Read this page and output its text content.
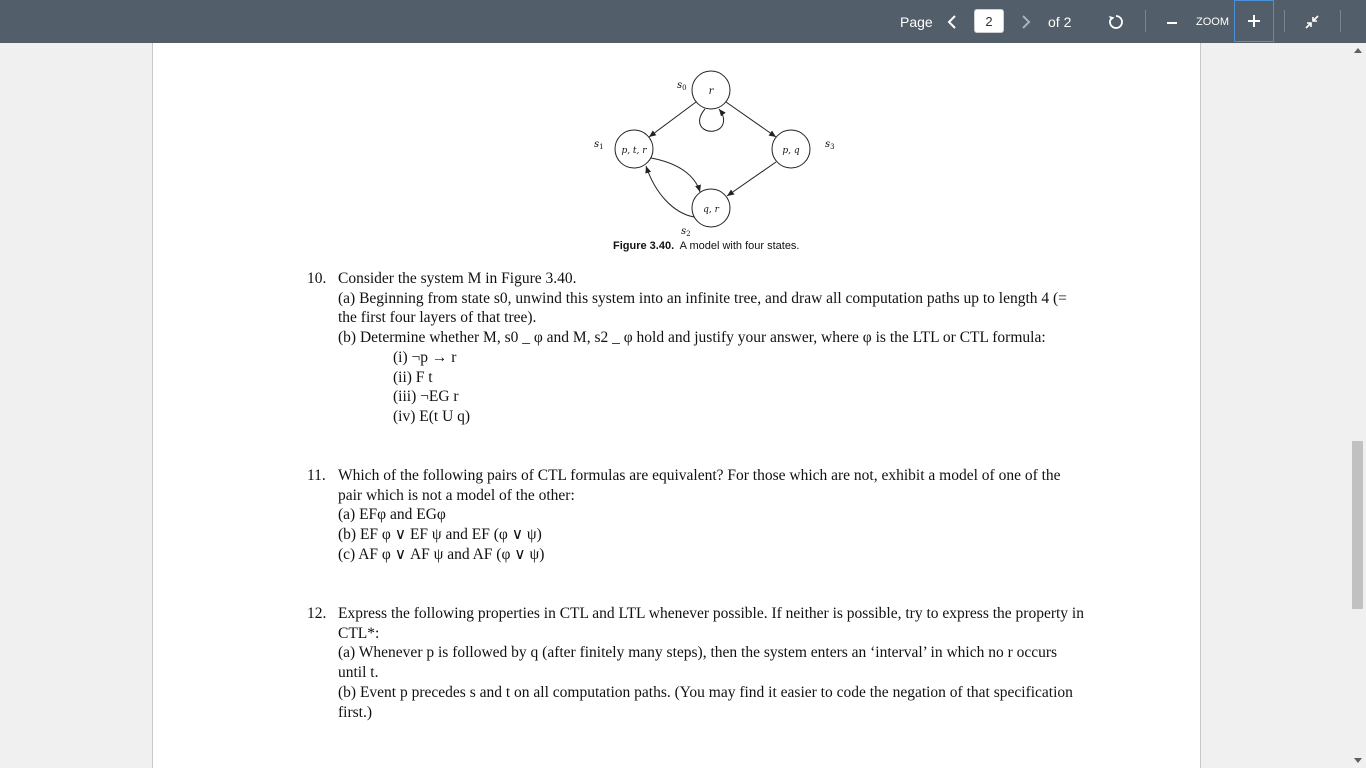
Page
2	of 2	ZOOM
r
p, t, r	p, q
q, r
$s_0$
$s_1$	$s_3$
$s_2$
Figure 3.40. A model with four states.
10. Consider the system M in Figure 3.40.
(a) Beginning from state s0, unwind this system into an infinite tree, and draw all computation paths up to length 4 (= the first four layers of that tree).
(b) Determine whether M, s0 _ φ and M, s2 _ φ hold and justify your answer, where φ is the LTL or CTL formula:
(i) ¬p → r
(ii) F t
(iii) ¬EG r
(iv) E(t U q)
11. Which of the following pairs of CTL formulas are equivalent? For those which are not, exhibit a model of one of the pair which is not a model of the other:
(a) EFφ and EGφ
(b) EF φ ∨ EF ψ and EF (φ ∨ ψ)
(c) AF φ ∨ AF ψ and AF (φ ∨ ψ)
12. Express the following properties in CTL and LTL whenever possible. If neither is possible, try to express the property in CTL*:
(a) Whenever p is followed by q (after finitely many steps), then the system enters an ‘interval’ in which no r occurs until t.
(b) Event p precedes s and t on all computation paths. (You may find it easier to code the negation of that specification first.)
